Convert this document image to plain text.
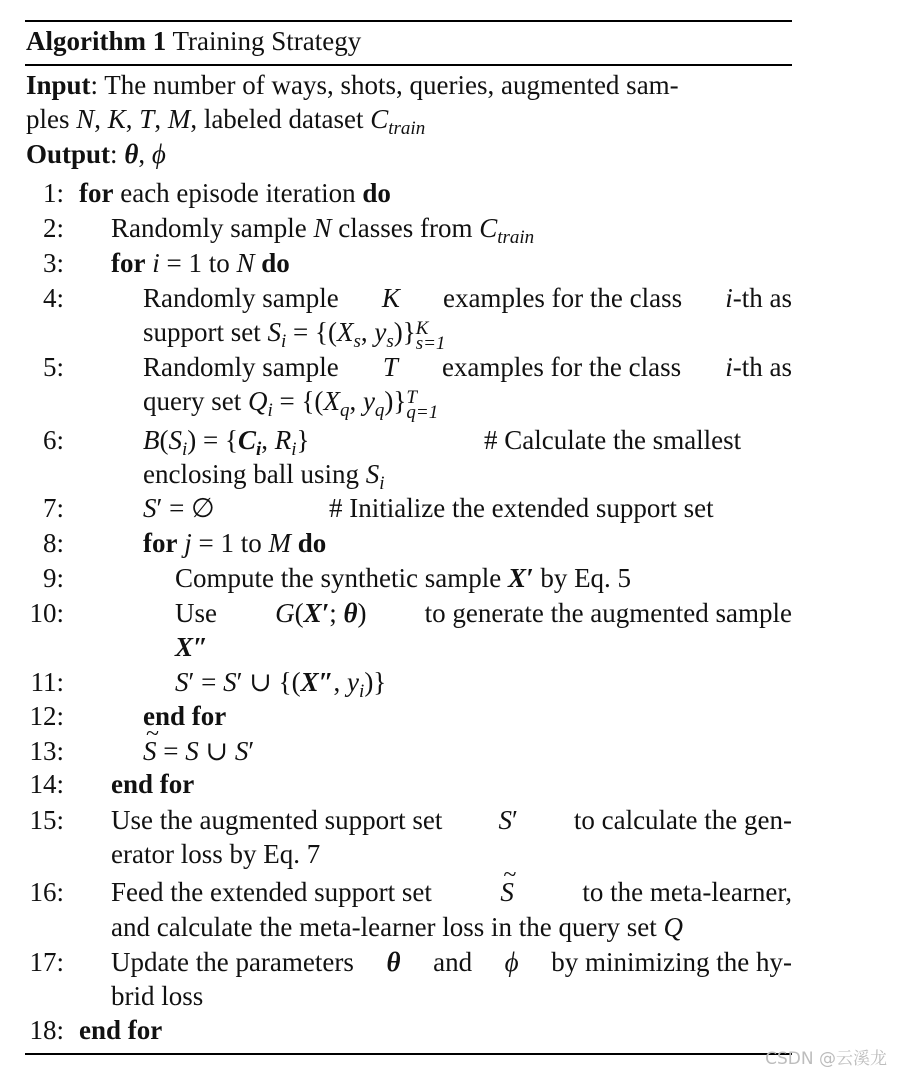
Algorithm 1 Training Strategy
Input: The number of ways, shots, queries, augmented sam-
ples N, K, T, M, labeled dataset $C_{train}$
Output: θ, ϕ
1: for each episode iteration do
2: Randomly sample N classes from $C_{train}$
3: for i = 1 to N do
4:	Randomly sample K examples for the class i-th as
support set $S_i = \{(X_s$, $y_s$)} K
s=1
5:	Randomly sample T examples for the class i-th as
query set $Q_i = \{(X_q$, $y_q$)} T
q=1
6:	$B(S_i) = \{C_i$, $R_i$}	# Calculate the smallest
enclosing ball using $S_i$
7:	S′ = ∅	# Initialize the extended support set
8:	for j = 1 to M do
9:	Compute the synthetic sample X′ by Eq. 5
10:	Use G(X′; θ) to generate the augmented sample
X″
11:	S′ = S′ ∪ {(X″, $y_i$)}
12:	end for
13:	~ S = S ∪ S′
14: end for
15: Use the augmented support set S′ to calculate the gen-
erator loss by Eq. 7
16: Feed the extended support set	~ S	to the meta-learner,
and calculate the meta-learner loss in the query set Q
17: Update the parameters θ and ϕ by minimizing the hy-
brid loss
18: end for
CSDN @云溪龙
